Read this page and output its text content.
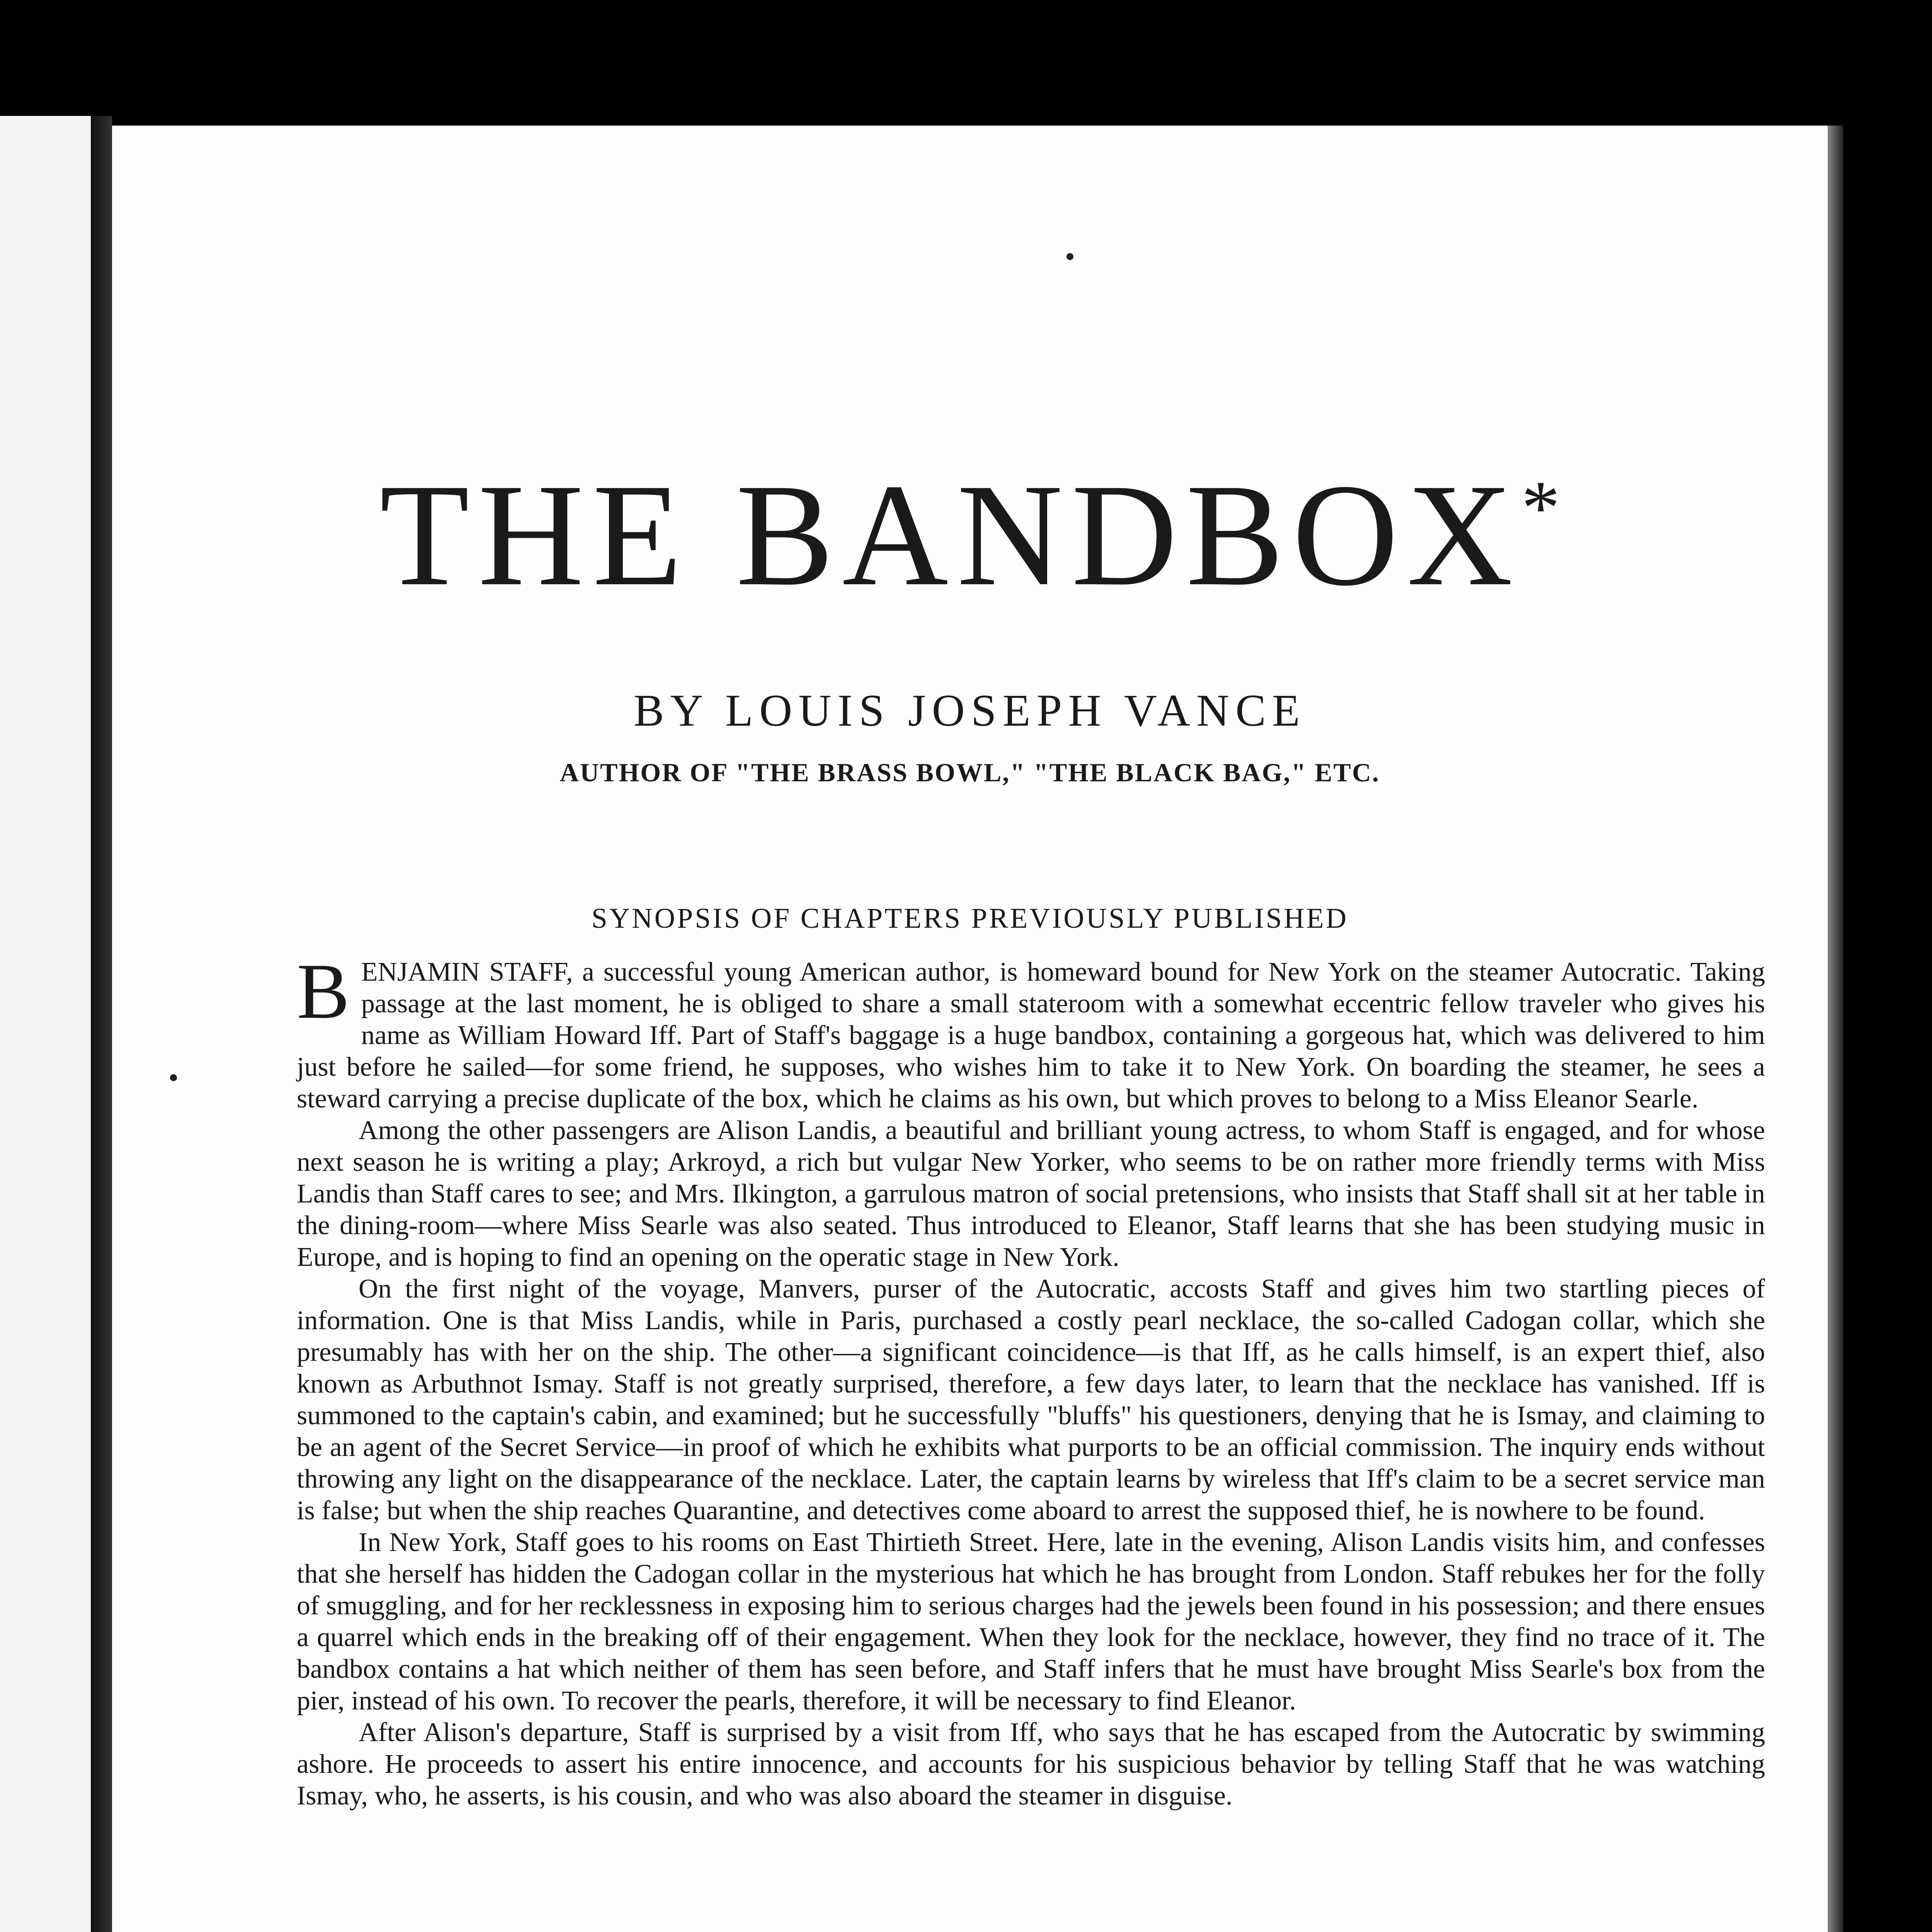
THE BANDBOX*
BY LOUIS JOSEPH VANCE
AUTHOR OF "THE BRASS BOWL," "THE BLACK BAG," ETC.
SYNOPSIS OF CHAPTERS PREVIOUSLY PUBLISHED

BENJAMIN STAFF, a successful young American author, is homeward bound for New York on the steamer Autocratic. Taking passage at the last moment, he is obliged to share a small stateroom with a somewhat eccentric fellow traveler who gives his name as William Howard Iff. Part of Staff's baggage is a huge bandbox, containing a gorgeous hat, which was delivered to him just before he sailed—for some friend, he supposes, who wishes him to take it to New York. On boarding the steamer, he sees a steward carrying a precise duplicate of the box, which he claims as his own, but which proves to belong to a Miss Eleanor Searle.

Among the other passengers are Alison Landis, a beautiful and brilliant young actress, to whom Staff is engaged, and for whose next season he is writing a play; Arkroyd, a rich but vulgar New Yorker, who seems to be on rather more friendly terms with Miss Landis than Staff cares to see; and Mrs. Ilkington, a garrulous matron of social pretensions, who insists that Staff shall sit at her table in the dining-room—where Miss Searle was also seated. Thus introduced to Eleanor, Staff learns that she has been studying music in Europe, and is hoping to find an opening on the operatic stage in New York.

On the first night of the voyage, Manvers, purser of the Autocratic, accosts Staff and gives him two startling pieces of information. One is that Miss Landis, while in Paris, purchased a costly pearl necklace, the so-called Cadogan collar, which she presumably has with her on the ship. The other—a significant coincidence—is that Iff, as he calls himself, is an expert thief, also known as Arbuthnot Ismay. Staff is not greatly surprised, therefore, a few days later, to learn that the necklace has vanished. Iff is summoned to the captain's cabin, and examined; but he successfully "bluffs" his questioners, denying that he is Ismay, and claiming to be an agent of the Secret Service—in proof of which he exhibits what purports to be an official commission. The inquiry ends without throwing any light on the disappearance of the necklace. Later, the captain learns by wireless that Iff's claim to be a secret service man is false; but when the ship reaches Quarantine, and detectives come aboard to arrest the supposed thief, he is nowhere to be found.

In New York, Staff goes to his rooms on East Thirtieth Street. Here, late in the evening, Alison Landis visits him, and confesses that she herself has hidden the Cadogan collar in the mysterious hat which he has brought from London. Staff rebukes her for the folly of smuggling, and for her recklessness in exposing him to serious charges had the jewels been found in his possession; and there ensues a quarrel which ends in the breaking off of their engagement. When they look for the necklace, however, they find no trace of it. The bandbox contains a hat which neither of them has seen before, and Staff infers that he must have brought Miss Searle's box from the pier, instead of his own. To recover the pearls, therefore, it will be necessary to find Eleanor.

After Alison's departure, Staff is surprised by a visit from Iff, who says that he has escaped from the Autocratic by swimming ashore. He proceeds to assert his entire innocence, and accounts for his suspicious behavior by telling Staff that he was watching Ismay, who, he asserts, is his cousin, and who was also aboard the steamer in disguise.
